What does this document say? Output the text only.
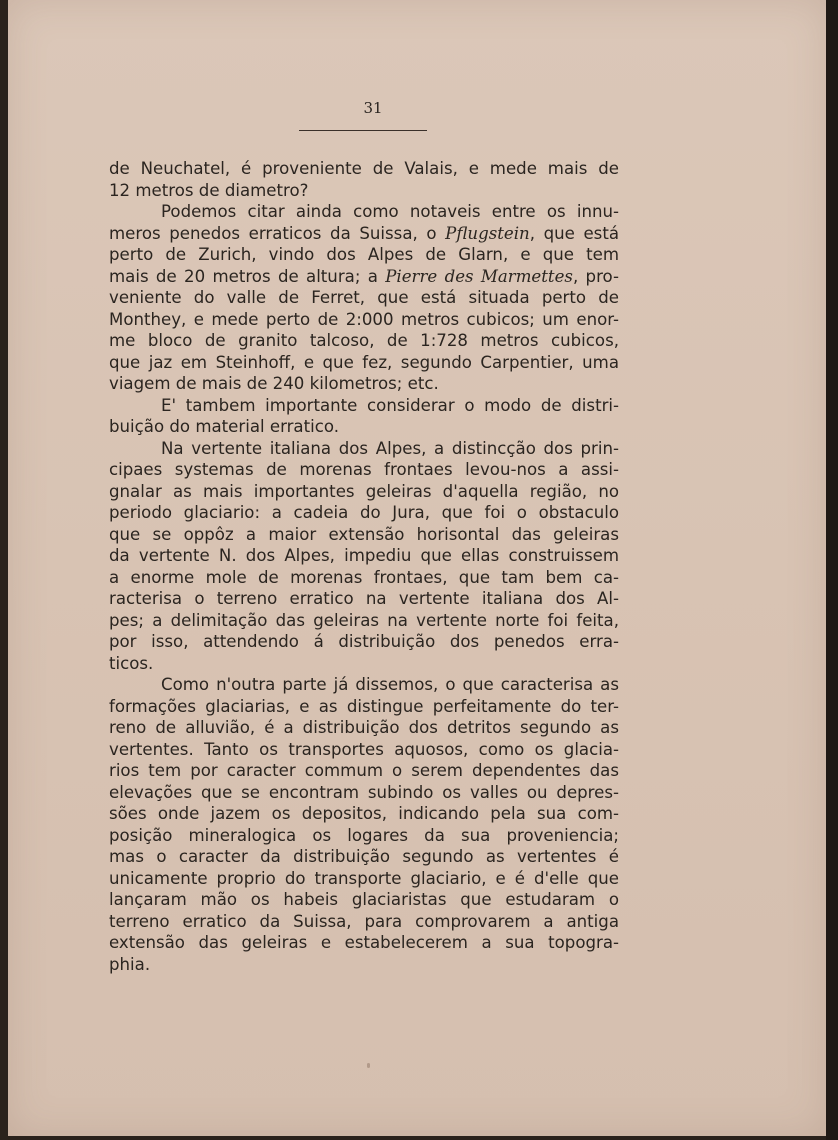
31
de Neuchatel, é proveniente de Valais, e mede mais de
12 metros de diametro?
Podemos citar ainda como notaveis entre os innu-
meros penedos erraticos da Suissa, o Pflugstein, que está
perto de Zurich, vindo dos Alpes de Glarn, e que tem
mais de 20 metros de altura; a Pierre des Marmettes, pro-
veniente do valle de Ferret, que está situada perto de
Monthey, e mede perto de 2:000 metros cubicos; um enor-
me bloco de granito talcoso, de 1:728 metros cubicos,
que jaz em Steinhoff, e que fez, segundo Carpentier, uma
viagem de mais de 240 kilometros; etc.
E' tambem importante considerar o modo de distri-
buição do material erratico.
Na vertente italiana dos Alpes, a distincção dos prin-
cipaes systemas de morenas frontaes levou-nos a assi-
gnalar as mais importantes geleiras d'aquella região, no
periodo glaciario: a cadeia do Jura, que foi o obstaculo
que se oppôz a maior extensão horisontal das geleiras
da vertente N. dos Alpes, impediu que ellas construissem
a enorme mole de morenas frontaes, que tam bem ca-
racterisa o terreno erratico na vertente italiana dos Al-
pes; a delimitação das geleiras na vertente norte foi feita,
por isso, attendendo á distribuição dos penedos erra-
ticos.
Como n'outra parte já dissemos, o que caracterisa as
formações glaciarias, e as distingue perfeitamente do ter-
reno de alluvião, é a distribuição dos detritos segundo as
vertentes. Tanto os transportes aquosos, como os glacia-
rios tem por caracter commum o serem dependentes das
elevações que se encontram subindo os valles ou depres-
sões onde jazem os depositos, indicando pela sua com-
posição mineralogica os logares da sua proveniencia;
mas o caracter da distribuição segundo as vertentes é
unicamente proprio do transporte glaciario, e é d'elle que
lançaram mão os habeis glaciaristas que estudaram o
terreno erratico da Suissa, para comprovarem a antiga
extensão das geleiras e estabelecerem a sua topogra-
phia.
